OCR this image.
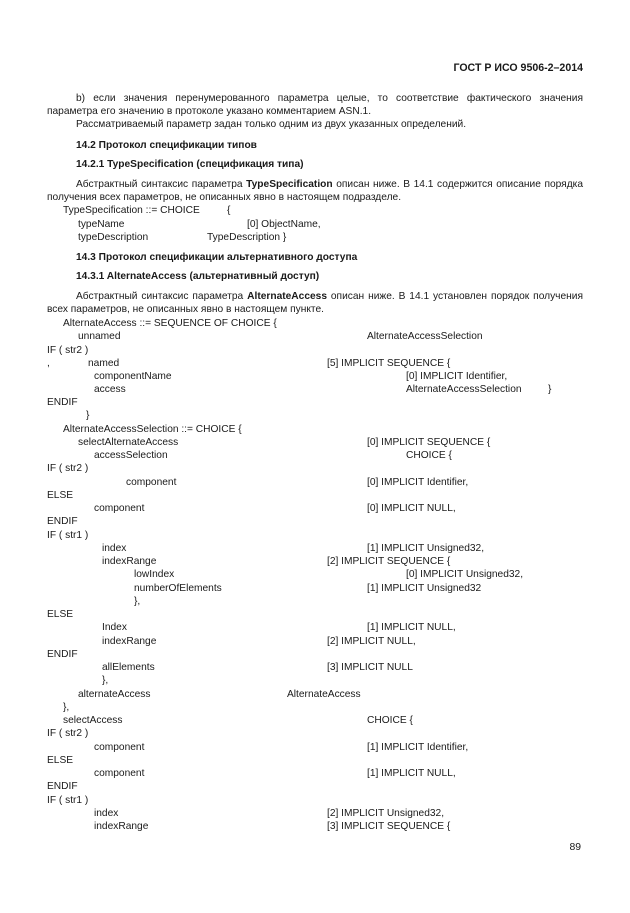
ГОСТ Р ИСО 9506-2–2014

b) если значения перенумерованного параметра целые, то соответствие фактического значения параметра его значению в протоколе указано комментарием ASN.1.

Рассматриваемый параметр задан только одним из двух указанных определений.

14.2 Протокол спецификации типов
14.2.1 TypeSpecification (спецификация типа)

Абстрактный синтаксис параметра TypeSpecification описан ниже. В 14.1 содержится описание порядка получения всех параметров, не описанных явно в настоящем подразделе.

TypeSpecification ::= CHOICE	{
typeName	[0] ObjectName,
typeDescription	TypeDescription }
14.3 Протокол спецификации альтернативного доступа
14.3.1 AlternateAccess (альтернативный доступ)

Абстрактный синтаксис параметра AlternateAccess описан ниже. В 14.1 установлен порядок получения всех параметров, не описанных явно в настоящем пункте.

AlternateAccess ::= SEQUENCE OF CHOICE {
unnamed	AlternateAccessSelection
IF ( str2 )
,	named	[5] IMPLICIT SEQUENCE {
componentName	[0] IMPLICIT Identifier,
access	AlternateAccessSelection	}
ENDIF
}
AlternateAccessSelection ::= CHOICE {
selectAlternateAccess	[0] IMPLICIT SEQUENCE {
accessSelection	CHOICE {
IF ( str2 )
component	[0] IMPLICIT Identifier,
ELSE
component	[0] IMPLICIT NULL,
ENDIF
IF ( str1 )
index	[1] IMPLICIT Unsigned32,
indexRange	[2] IMPLICIT SEQUENCE {
lowIndex	[0] IMPLICIT Unsigned32,
numberOfElements	[1] IMPLICIT Unsigned32
},
ELSE
Index	[1] IMPLICIT NULL,
indexRange	[2] IMPLICIT NULL,
ENDIF
allElements	[3] IMPLICIT NULL
},
alternateAccess	AlternateAccess
},
selectAccess	CHOICE {
IF ( str2 )
component	[1] IMPLICIT Identifier,
ELSE
component	[1] IMPLICIT NULL,
ENDIF
IF ( str1 )
index	[2] IMPLICIT Unsigned32,
indexRange	[3] IMPLICIT SEQUENCE {
89
